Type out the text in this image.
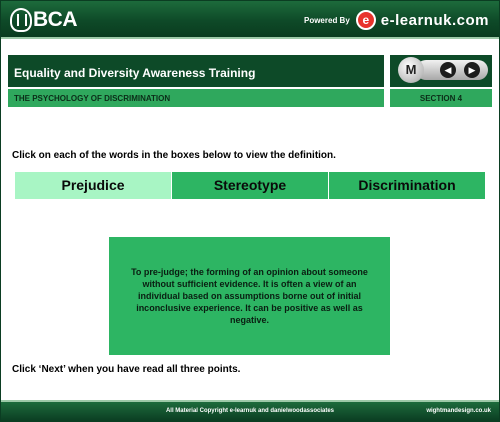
BCA	Powered By	e e-learnuk.com
Equality and Diversity Awareness Training	◀	▶
M
THE PSYCHOLOGY OF DISCRIMINATION	SECTION 4
Click on each of the words in the boxes below to view the definition.
Prejudice	Stereotype	Discrimination
To pre-judge; the forming of an opinion about someone without sufficient evidence. It is often a view of an individual based on assumptions borne out of initial inconclusive experience. It can be positive as well as negative.
Click ‘Next’ when you have read all three points.
All Material Copyright e-learnuk and danielwoodassociates	wightmandesign.co.uk
